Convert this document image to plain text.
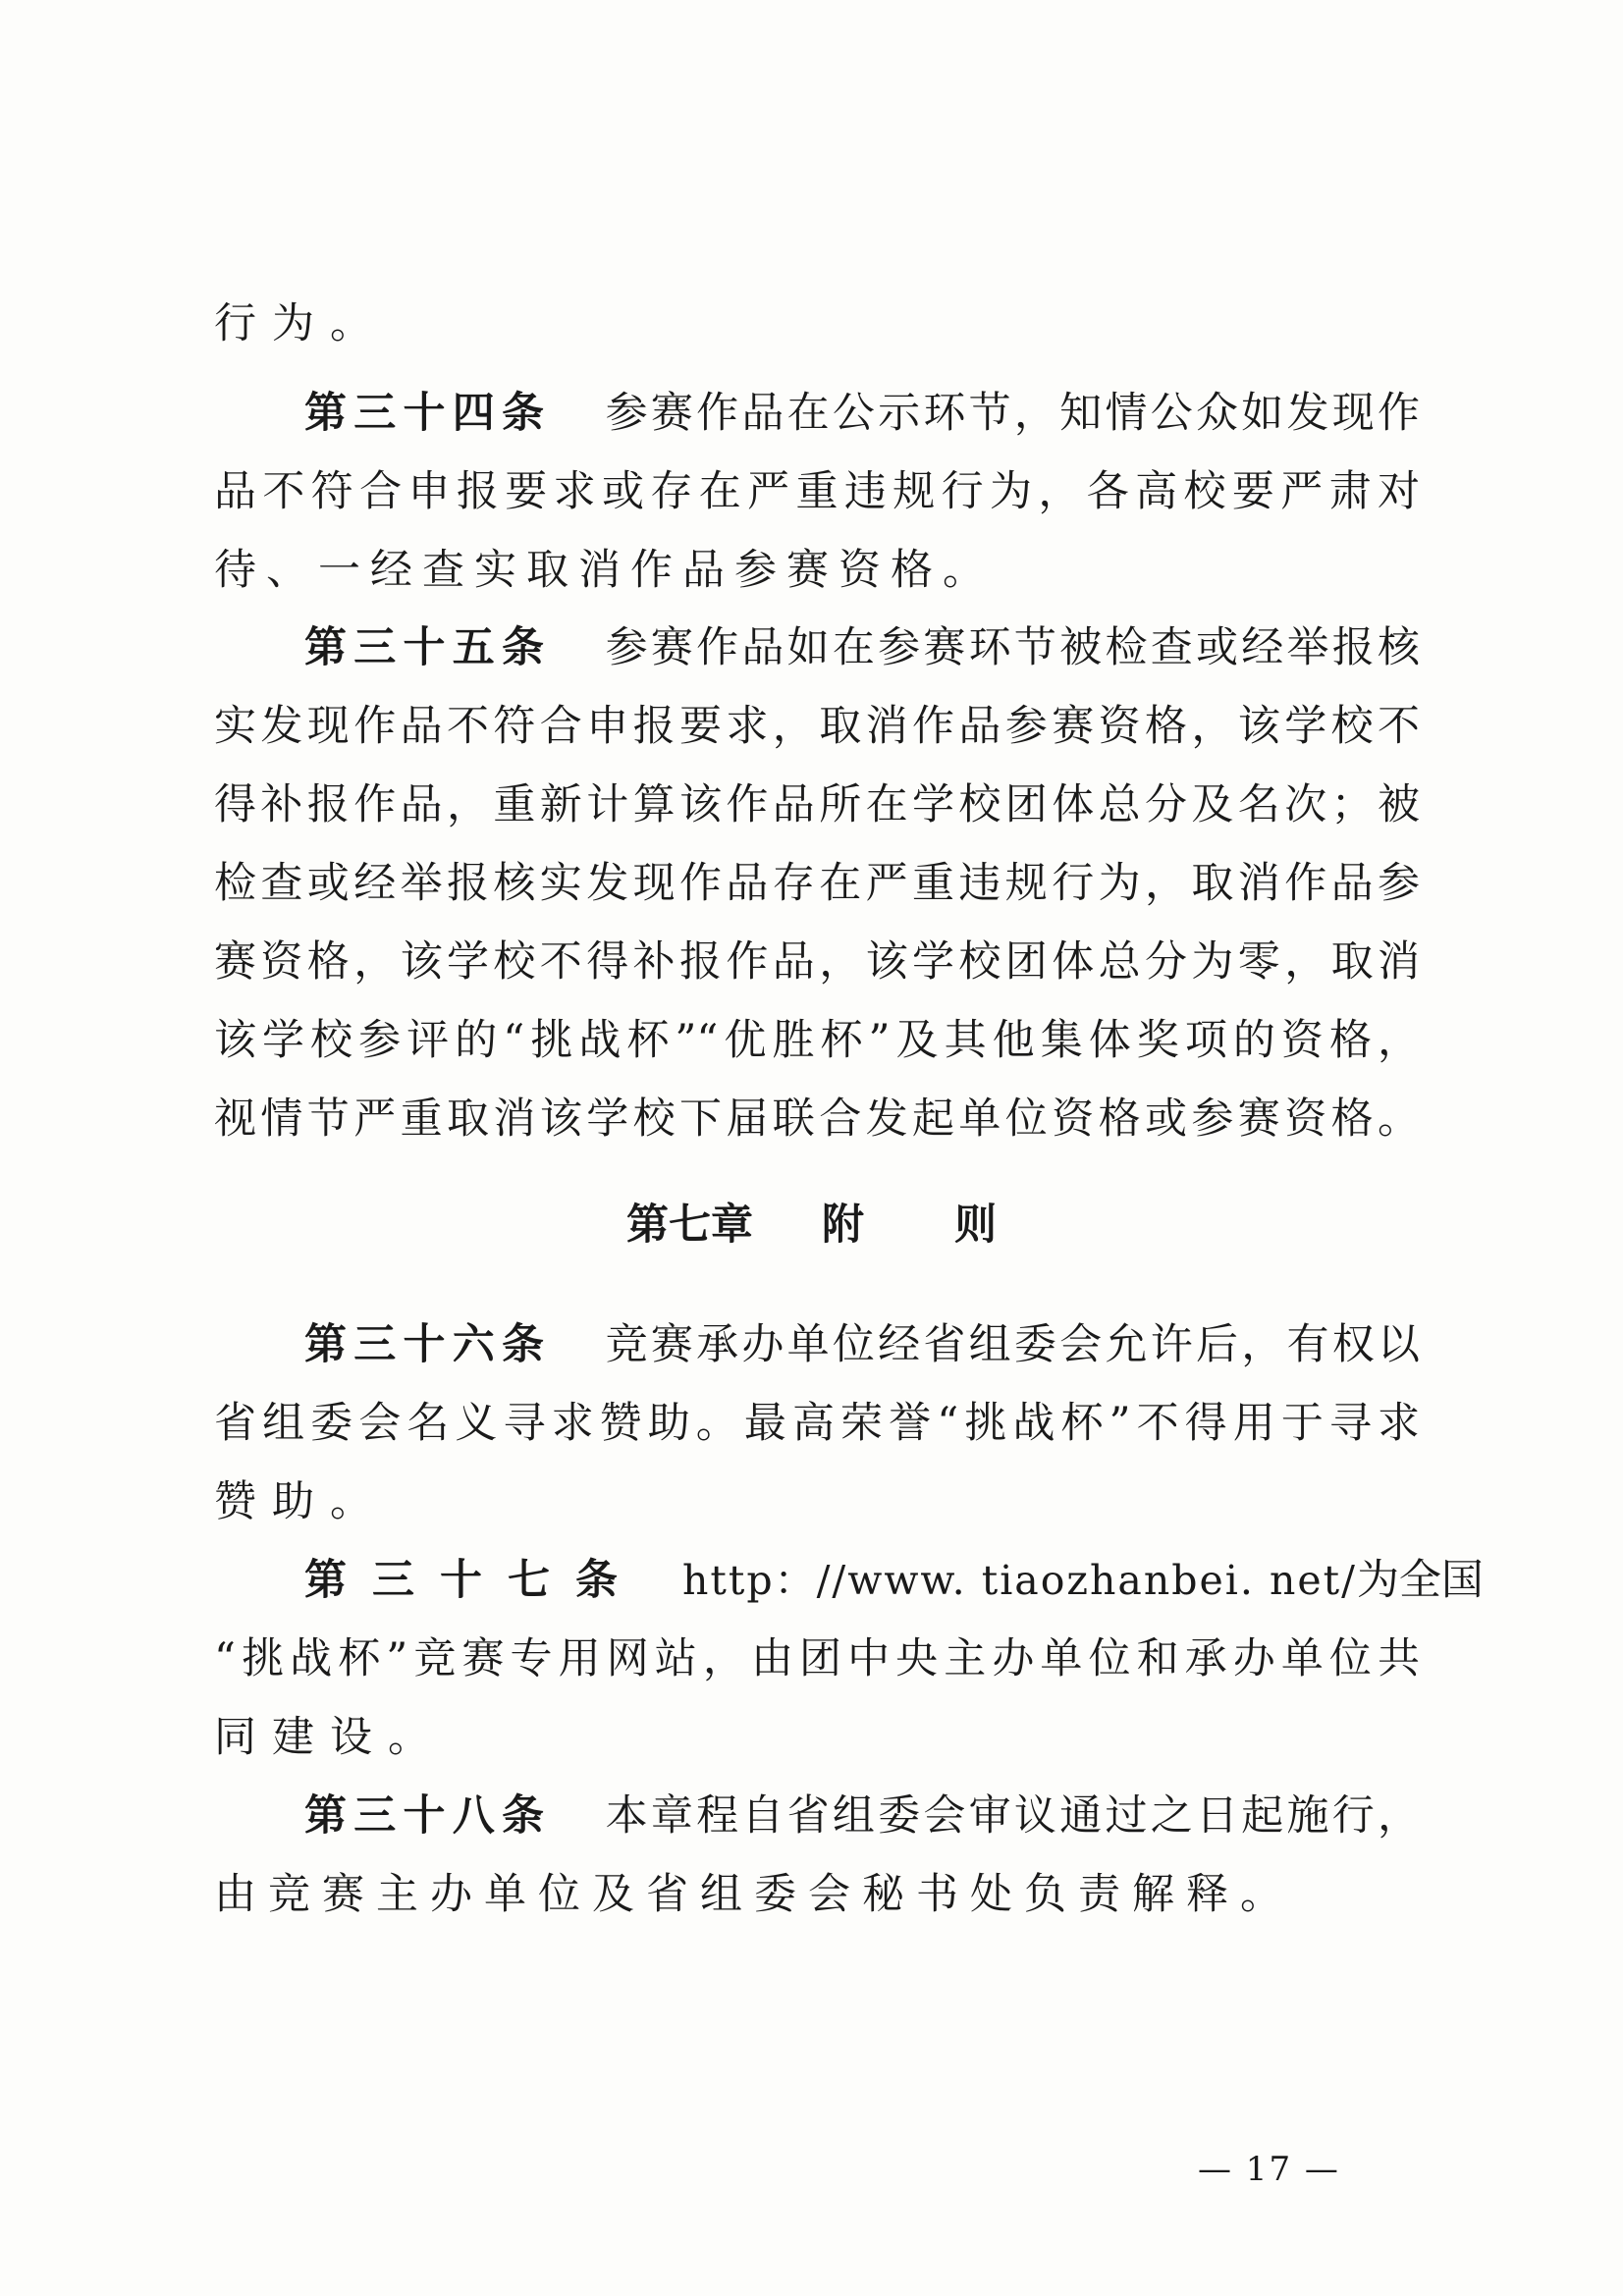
行为。
第三十四条 参赛作品在公示环节，知情公众如发现作
品不符合申报要求或存在严重违规行为，各高校要严肃对
待、一经查实取消作品参赛资格。
第三十五条 参赛作品如在参赛环节被检查或经举报核
实发现作品不符合申报要求，取消作品参赛资格，该学校不
得补报作品，重新计算该作品所在学校团体总分及名次；被
检查或经举报核实发现作品存在严重违规行为，取消作品参
赛资格，该学校不得补报作品，该学校团体总分为零，取消
该学校参评的“挑战杯”“优胜杯”及其他集体奖项的资格，
视情节严重取消该学校下届联合发起单位资格或参赛资格。
第七章 附 则
第三十六条 竞赛承办单位经省组委会允许后，有权以
省组委会名义寻求赞助。最高荣誉“挑战杯”不得用于寻求
赞助。
第三十七条 http：//www. tiaozhanbei. net/为全国
“挑战杯”竞赛专用网站，由团中央主办单位和承办单位共
同建设。
第三十八条 本章程自省组委会审议通过之日起施行，
由竞赛主办单位及省组委会秘书处负责解释。
— 17 —
